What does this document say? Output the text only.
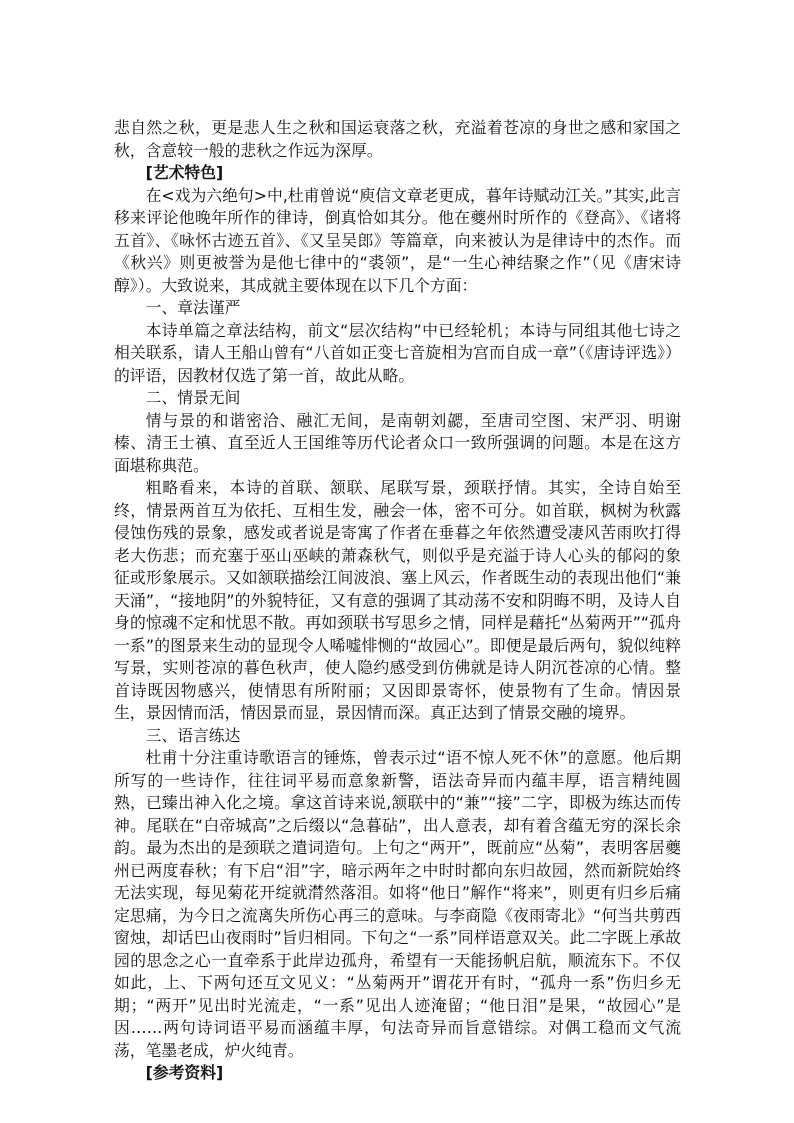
悲自然之秋，更是悲人生之秋和国运衰落之秋，充溢着苍凉的身世之感和家国之秋，含意较一般的悲秋之作远为深厚。

[艺术特色]

在<戏为六绝句>中,杜甫曾说“庾信文章老更成，暮年诗赋动江关。”其实,此言移来评论他晚年所作的律诗，倒真恰如其分。他在夔州时所作的《登高》、《诸将五首》、《咏怀古迹五首》、《又呈吴郎》等篇章，向来被认为是律诗中的杰作。而《秋兴》则更被誉为是他七律中的“裘领”，是“一生心神结聚之作”（见《唐宋诗醇》）。大致说来，其成就主要体现在以下几个方面：

一、章法谨严

本诗单篇之章法结构，前文“层次结构”中已经轮机；本诗与同组其他七诗之相关联系，请人王船山曾有“八首如正变七音旋相为宫而自成一章”（《唐诗评选》）的评语，因教材仅选了第一首，故此从略。

二、情景无间

情与景的和谐密洽、融汇无间，是南朝刘勰，至唐司空图、宋严羽、明谢榛、清王士禛、直至近人王国维等历代论者众口一致所强调的问题。本是在这方面堪称典范。

粗略看来，本诗的首联、颔联、尾联写景，颈联抒情。其实，全诗自始至终，情景两首互为依托、互相生发，融会一体，密不可分。如首联，枫树为秋露侵蚀伤残的景象，感发或者说是寄寓了作者在垂暮之年依然遭受凄风苦雨吹打得老大伤悲；而充塞于巫山巫峡的萧森秋气，则似乎是充溢于诗人心头的郁闷的象征或形象展示。又如颔联描绘江间波浪、塞上风云，作者既生动的表现出他们“兼天涌”，“接地阴”的外貌特征，又有意的强调了其动荡不安和阴晦不明，及诗人自身的惊魂不定和忧思不散。再如颈联书写思乡之情，同样是藉托“丛菊两开”“孤舟一系”的图景来生动的显现令人唏嘘悱恻的“故园心”。即便是最后两句，貌似纯粹写景，实则苍凉的暮色秋声，使人隐约感受到仿佛就是诗人阴沉苍凉的心情。整首诗既因物感兴，使情思有所附丽；又因即景寄怀，使景物有了生命。情因景生，景因情而活，情因景而显，景因情而深。真正达到了情景交融的境界。

三、语言练达

杜甫十分注重诗歌语言的锤炼，曾表示过“语不惊人死不休”的意愿。他后期所写的一些诗作，往往词平易而意象新警，语法奇异而内蕴丰厚，语言精纯圆熟，已臻出神入化之境。拿这首诗来说,颔联中的“兼”“接”二字，即极为练达而传神。尾联在“白帝城高”之后缀以“急暮砧”，出人意表，却有着含蕴无穷的深长余韵。最为杰出的是颈联之遣词造句。上句之“两开”，既前应“丛菊”，表明客居夔州已两度春秋；有下启“泪”字，暗示两年之中时时都向东归故园，然而新院始终无法实现，每见菊花开绽就潸然落泪。如将“他日”解作“将来”，则更有归乡后痛定思痛，为今日之流离失所伤心再三的意味。与李商隐《夜雨寄北》“何当共剪西窗烛，却话巴山夜雨时”旨归相同。下句之“一系”同样语意双关。此二字既上承故园的思念之心一直牵系于此岸边孤舟，希望有一天能扬帆启航，顺流东下。不仅如此，上、下两句还互文见义：“丛菊两开”谓花开有时，“孤舟一系”伤归乡无期；“两开”见出时光流走，“一系”见出人迹淹留；“他日泪”是果，“故园心”是因……两句诗词语平易而涵蕴丰厚，句法奇异而旨意错综。对偶工稳而文气流荡，笔墨老成，炉火纯青。

[参考资料]
